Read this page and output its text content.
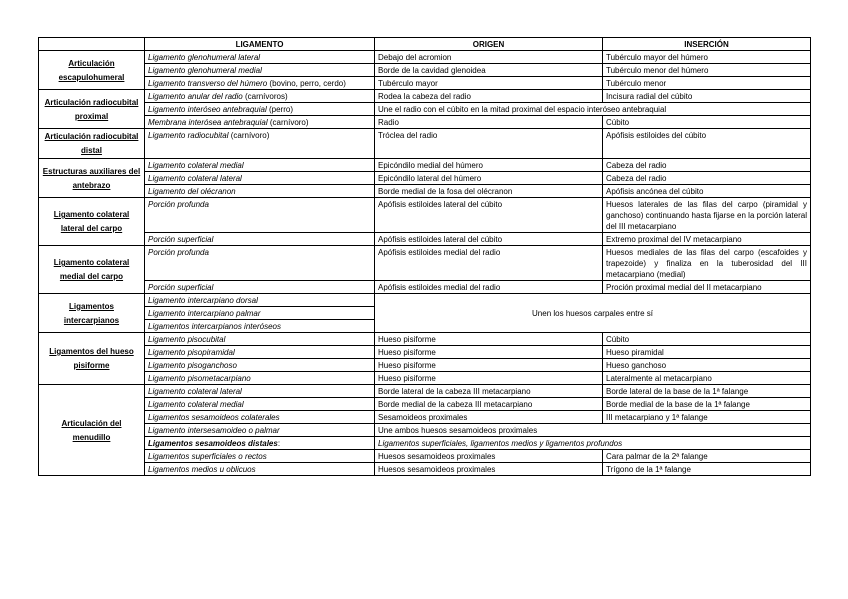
	LIGAMENTO	ORIGEN	INSERCIÓN
Articulación escapulohumeral	Ligamento glenohumeral lateral	Debajo del acromion	Tubérculo mayor del húmero
	Ligamento glenohumeral medial	Borde de la cavidad glenoidea	Tubérculo menor del húmero
	Ligamento transverso del húmero (bovino, perro, cerdo)	Tubérculo mayor	Tubérculo menor
Articulación radiocubital proximal	Ligamento anular del radio (carnívoros)	Rodea la cabeza del radio	Incisura radial del cúbito
	Ligamento interóseo antebraquial (perro)	Une el radio con el cúbito en la mitad proximal del espacio interóseo antebraquial	
	Membrana interósea antebraquial (carnívoro)	Radio	Cúbito
Articulación radiocubital distal	Ligamento radiocubital (carnívoro)	Tróclea del radio	Apófisis estiloides del cúbito
Estructuras auxiliares del antebrazo	Ligamento colateral medial	Epicóndilo medial del húmero	Cabeza del radio
	Ligamento colateral lateral	Epicóndilo lateral del húmero	Cabeza del radio
	Ligamento del olécranon	Borde medial de la fosa del olécranon	Apófisis ancónea del cúbito
Ligamento colateral lateral del carpo	Porción profunda	Apófisis estiloides lateral del cúbito	Huesos laterales de las filas del carpo (piramidal y ganchoso) continuando hasta fijarse en la porción lateral del III metacarpiano
	Porción superficial	Apófisis estiloides lateral del cúbito	Extremo proximal del IV metacarpiano
Ligamento colateral medial del carpo	Porción profunda	Apófisis estiloides medial del radio	Huesos mediales de las filas del carpo (escafoides y trapezoide) y finaliza en la tuberosidad del III metacarpiano (medial)
	Porción superficial	Apófisis estiloides medial del radio	Proción proximal medial del II metacarpiano
Ligamentos intercarpianos	Ligamento intercarpiano dorsal	Unen los huesos carpales entre sí	
	Ligamento intercarpiano palmar		
	Ligamentos intercarpianos interóseos		
Ligamentos del hueso pisiforme	Ligamento pisocubital	Hueso pisiforme	Cúbito
	Ligamento pisopiramidal	Hueso pisiforme	Hueso piramidal
	Ligamento pisoganchoso	Hueso pisiforme	Hueso ganchoso
	Ligamento pisometacarpiano	Hueso pisiforme	Lateralmente al metacarpiano
Articulación del menudillo	Ligamento colateral lateral	Borde lateral de la cabeza III metacarpiano	Borde lateral de la base de la 1ª falange
	Ligamento colateral medial	Borde medial de la cabeza III metacarpiano	Borde medial de la base de la 1ª falange
	Ligamentos sesamoideos colaterales	Sesamoideos proximales	III metacarpiano y 1ª falange
	Ligamento intersesamoideo o palmar	Une ambos huesos sesamoideos proximales	
	Ligamentos sesamoideos distales:	Ligamentos superficiales, ligamentos medios y ligamentos profundos	
	Ligamentos superficiales o rectos	Huesos sesamoideos proximales	Cara palmar de la 2ª falange
	Ligamentos medios u oblicuos	Huesos sesamoideos proximales	Trígono de la 1ª falange
